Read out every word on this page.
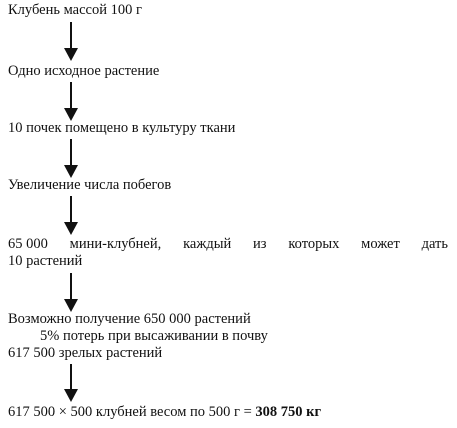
Клубень массой 100 г
Одно исходное растение
10 почек помещено в культуру ткани
Увеличение числа побегов
65 000 мини-клубней, каждый из которых может дать
10 растений
Возможно получение 650 000 растений
5% потерь при высаживании в почву
617 500 зрелых растений
617 500 × 500 клубней весом по 500 г = 308 750 кг
